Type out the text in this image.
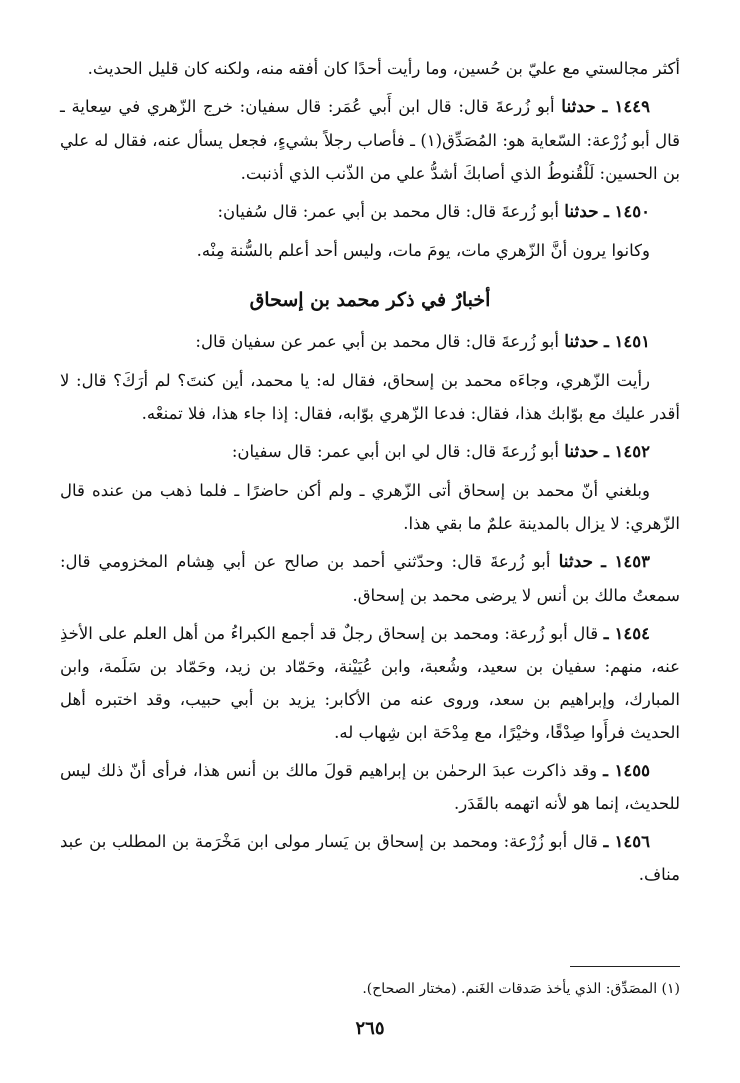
أكثر مجالستي مع عليّ بن حُسين، وما رأيت أحدًا كان أفقه منه، ولكنه كان قليل الحديث.

١٤٤٩ ـ حدثنا أبو زُرعةَ قال: قال ابن أَبي عُمَر: قال سفيان: خرج الزّهري في سِعاية ـ قال أبو زُرْعة: السّعاية هو: المُصَدِّق(١) ـ فأصاب رجلاً بشيءٍ، فجعل يسأل عنه، فقال له علي بن الحسين: لَلْقُنوطُ الذي أصابكَ أشدُّ علي من الذّنب الذي أذنبت.

١٤٥٠ ـ حدثنا أبو زُرعةَ قال: قال محمد بن أبي عمر: قال سُفيان:

وكانوا يرون أنَّ الزّهري مات، يومَ مات، وليس أحد أعلم بالسُّنة مِنْه.

أخبارٌ في ذكر محمد بن إسحاق

١٤٥١ ـ حدثنا أبو زُرعةَ قال: قال محمد بن أبي عمر عن سفيان قال:

رأيت الزّهري، وجاءَه محمد بن إسحاق، فقال له: يا محمد، أين كنتَ؟ لم أرَكَ؟ قال: لا أقدر عليك مع بوّابك هذا، فقال: فدعا الزّهري بوّابه، فقال: إذا جاء هذا، فلا تمنعْه.

١٤٥٢ ـ حدثنا أبو زُرعةَ قال: قال لي ابن أبي عمر: قال سفيان:

وبلغني أنّ محمد بن إسحاق أتى الزّهري ـ ولم أكن حاضرًا ـ فلما ذهب من عنده قال الزّهري: لا يزال بالمدينة علمٌ ما بقي هذا.

١٤٥٣ ـ حدثنا أبو زُرعةَ قال: وحدّثني أحمد بن صالح عن أبي هِشام المخزومي قال: سمعتُ مالك بن أنس لا يرضى محمد بن إسحاق.

١٤٥٤ ـ قال أبو زُرعة: ومحمد بن إسحاق رجلٌ قد أجمع الكبراءُ من أهل العلم على الأخذِ عنه، منهم: سفيان بن سعيد، وشُعبة، وابن عُيَيْنة، وحَمّاد بن زيد، وحَمّاد بن سَلَمة، وابن المبارك، وإبراهيم بن سعد، وروى عنه من الأكابر: يزيد بن أبي حبيب، وقد اختبره أهل الحديث فرأَوا صِدْقًا، وخيْرًا، مع مِدْحَة ابن شِهاب له.

١٤٥٥ ـ وقد ذاكرت عبدَ الرحمٰن بن إبراهيم قولَ مالك بن أنس هذا، فرأى أنّ ذلك ليس للحديث، إنما هو لأنه اتهمه بالقَدَر.

١٤٥٦ ـ قال أبو زُرْعة: ومحمد بن إسحاق بن يَسار مولى ابن مَخْرَمة بن المطلب بن عبد مناف.

(١) المصَدِّق: الذي يأخذ صَدقات الغَنم. (مختار الصحاح).
٢٦٥
